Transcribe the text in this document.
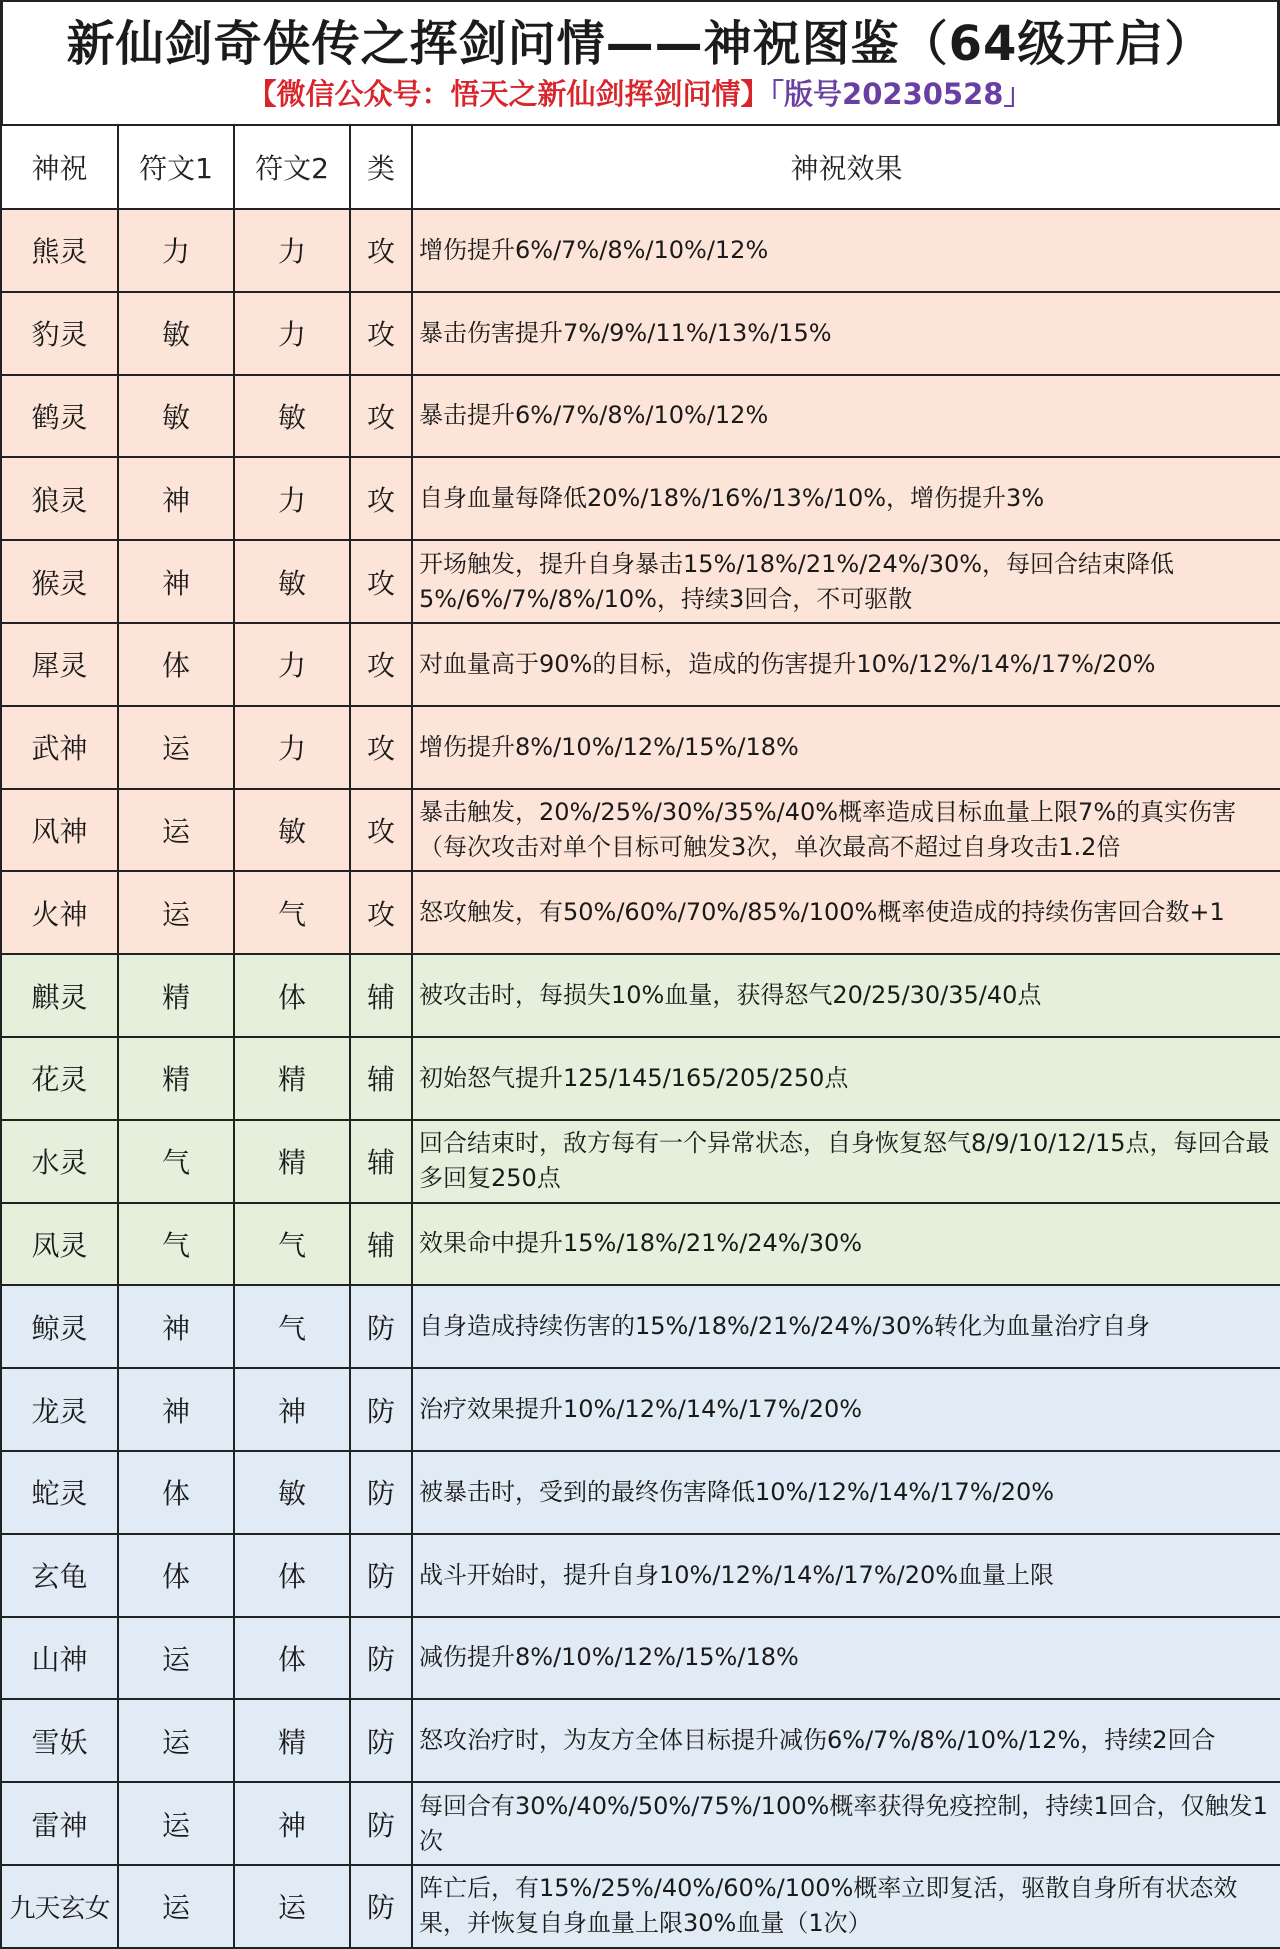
新仙剑奇侠传之挥剑问情——神祝图鉴（64级开启）
【微信公众号：悟天之新仙剑挥剑问情】「版号20230528」
神祝	符文1	符文2	类	神祝效果
熊灵	力	力	攻	增伤提升6%/7%/8%/10%/12%
豹灵	敏	力	攻	暴击伤害提升7%/9%/11%/13%/15%
鹤灵	敏	敏	攻	暴击提升6%/7%/8%/10%/12%
狼灵	神	力	攻	自身血量每降低20%/18%/16%/13%/10%，增伤提升3%
猴灵	神	敏	攻	开场触发，提升自身暴击15%/18%/21%/24%/30%，每回合结束降低5%/6%/7%/8%/10%，持续3回合，不可驱散
犀灵	体	力	攻	对血量高于90%的目标，造成的伤害提升10%/12%/14%/17%/20%
武神	运	力	攻	增伤提升8%/10%/12%/15%/18%
风神	运	敏	攻	暴击触发，20%/25%/30%/35%/40%概率造成目标血量上限7%的真实伤害（每次攻击对单个目标可触发3次，单次最高不超过自身攻击1.2倍
火神	运	气	攻	怒攻触发，有50%/60%/70%/85%/100%概率使造成的持续伤害回合数+1
麒灵	精	体	辅	被攻击时，每损失10%血量，获得怒气20/25/30/35/40点
花灵	精	精	辅	初始怒气提升125/145/165/205/250点
水灵	气	精	辅	回合结束时，敌方每有一个异常状态，自身恢复怒气8/9/10/12/15点，每回合最多回复250点
凤灵	气	气	辅	效果命中提升15%/18%/21%/24%/30%
鲸灵	神	气	防	自身造成持续伤害的15%/18%/21%/24%/30%转化为血量治疗自身
龙灵	神	神	防	治疗效果提升10%/12%/14%/17%/20%
蛇灵	体	敏	防	被暴击时，受到的最终伤害降低10%/12%/14%/17%/20%
玄龟	体	体	防	战斗开始时，提升自身10%/12%/14%/17%/20%血量上限
山神	运	体	防	减伤提升8%/10%/12%/15%/18%
雪妖	运	精	防	怒攻治疗时，为友方全体目标提升减伤6%/7%/8%/10%/12%，持续2回合
雷神	运	神	防	每回合有30%/40%/50%/75%/100%概率获得免疫控制，持续1回合，仅触发1次
九天玄女	运	运	防	阵亡后，有15%/25%/40%/60%/100%概率立即复活，驱散自身所有状态效果，并恢复自身血量上限30%血量（1次）
